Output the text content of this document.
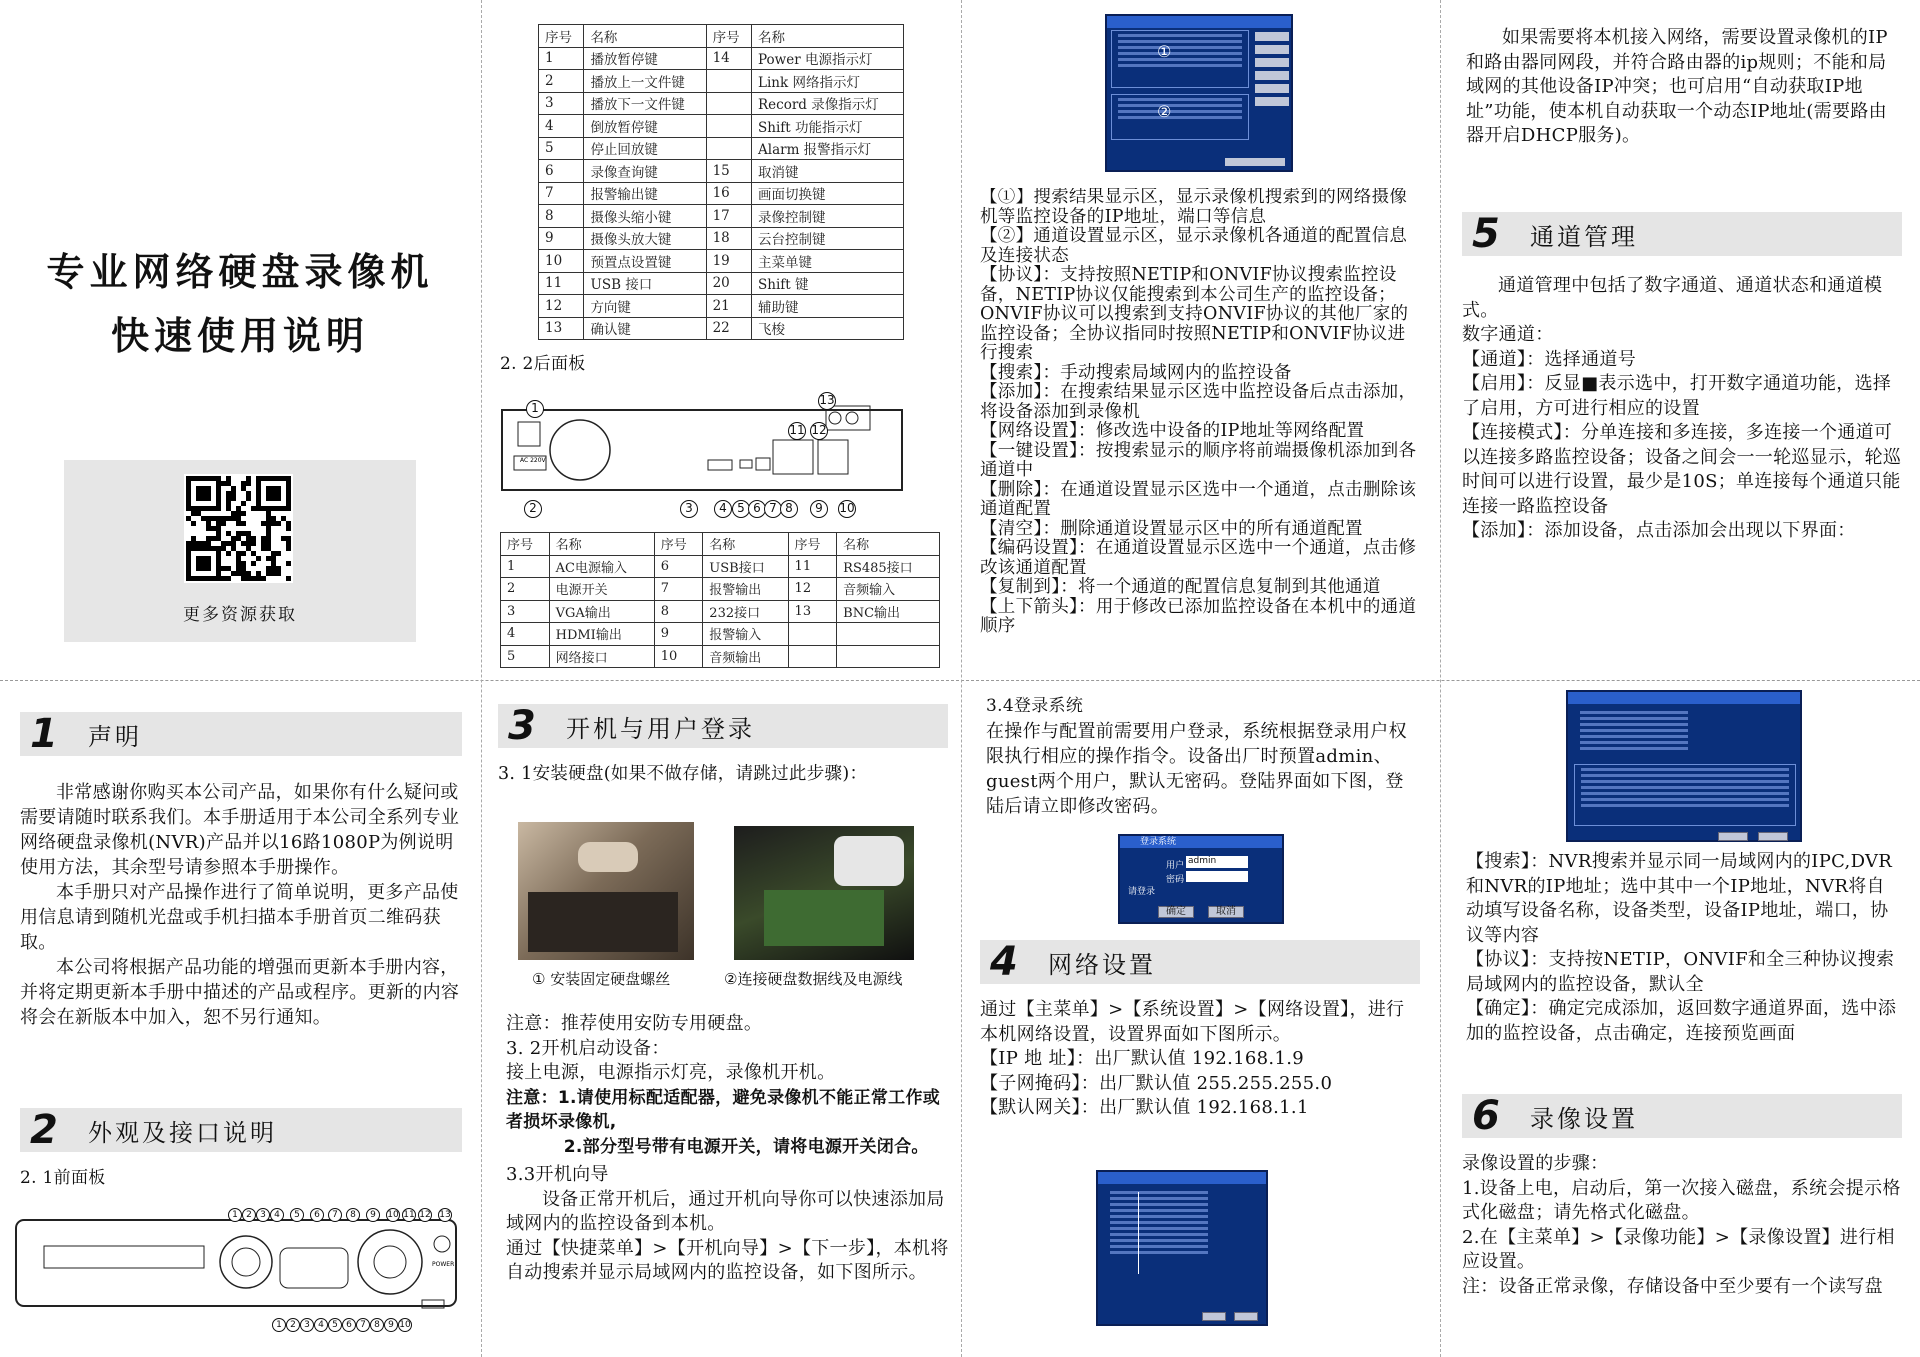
专业网络硬盘录像机
快速使用说明
更多资源获取
序号	名称	序号	名称
1	播放暂停键	14	Power 电源指示灯
2	播放上一文件键		Link 网络指示灯
3	播放下一文件键		Record 录像指示灯
4	倒放暂停键		Shift 功能指示灯
5	停止回放键		Alarm 报警指示灯
6	录像查询键	15	取消键
7	报警输出键	16	画面切换键
8	摄像头缩小键	17	录像控制键
9	摄像头放大键	18	云台控制键
10	预置点设置键	19	主菜单键
11	USB 接口	20	Shift 键
12	方向键	21	辅助键
13	确认键	22	飞梭
2. 2后面板
AC 220V
序号	名称	序号	名称	序号	名称
1	AC电源输入	6	USB接口	11	RS485接口
2	电源开关	7	报警输出	12	音频输入
3	VGA输出	8	232接口	13	BNC输出
4	HDMI输出	9	报警输入		
5	网络接口	10	音频输出		
1
2	3	4 5 6 7 8	9	10
11 12
13
①
②
【①】搜索结果显示区，显示录像机搜索到的网络摄像机等监控设备的IP地址，端口等信息
【②】通道设置显示区，显示录像机各通道的配置信息及连接状态
【协议】：支持按照NETIP和ONVIF协议搜索监控设备，NETIP协议仅能搜索到本公司生产的监控设备；ONVIF协议可以搜索到支持ONVIF协议的其他厂家的监控设备；全协议指同时按照NETIP和ONVIF协议进行搜索
【搜索】：手动搜索局域网内的监控设备
【添加】：在搜索结果显示区选中监控设备后点击添加，将设备添加到录像机
【网络设置】：修改选中设备的IP地址等网络配置
【一键设置】：按搜索显示的顺序将前端摄像机添加到各通道中
【删除】：在通道设置显示区选中一个通道，点击删除该通道配置
【清空】：删除通道设置显示区中的所有通道配置
【编码设置】：在通道设置显示区选中一个通道，点击修改该通道配置
【复制到】：将一个通道的配置信息复制到其他通道
【上下箭头】：用于修改已添加监控设备在本机中的通道顺序
如果需要将本机接入网络，需要设置录像机的IP和路由器同网段，并符合路由器的ip规则；不能和局域网的其他设备IP冲突；也可启用“自动获取IP地址”功能，使本机自动获取一个动态IP地址(需要路由器开启DHCP服务)。
5	通道管理
通道管理中包括了数字通道、通道状态和通道模式。
数字通道：
【通道】：选择通道号
【启用】：反显■表示选中，打开数字通道功能，选择了启用，方可进行相应的设置
【连接模式】：分单连接和多连接，多连接一个通道可以连接多路监控设备；设备之间会一一轮巡显示，轮巡时间可以进行设置，最少是10S；单连接每个通道只能连接一路监控设备
【添加】：添加设备，点击添加会出现以下界面：
1	声明
非常感谢你购买本公司产品，如果你有什么疑问或需要请随时联系我们。本手册适用于本公司全系列专业网络硬盘录像机(NVR)产品并以16路1080P为例说明使用方法，其余型号请参照本手册操作。
本手册只对产品操作进行了简单说明，更多产品使用信息请到随机光盘或手机扫描本手册首页二维码获取。
本公司将根据产品功能的增强而更新本手册内容，并将定期更新本手册中描述的产品或程序。更新的内容将会在新版本中加入，恕不另行通知。
2	外观及接口说明
2. 1前面板
POWER
3	开机与用户登录
3. 1安装硬盘(如果不做存储，请跳过此步骤)：
① 安装固定硬盘螺丝	②连接硬盘数据线及电源线
注意：推荐使用安防专用硬盘。
3. 2开机启动设备：
接上电源，电源指示灯亮，录像机开机。
注意：1.请使用标配适配器，避免录像机不能正常工作或者损坏录像机,
2.部分型号带有电源开关，请将电源开关闭合。
3.3开机向导
设备正常开机后，通过开机向导你可以快速添加局域网内的监控设备到本机。
通过【快捷菜单】>【开机向导】>【下一步】，本机将自动搜索并显示局域网内的监控设备，如下图所示。
3.4登录系统
在操作与配置前需要用户登录，系统根据登录用户权限执行相应的操作指令。设备出厂时预置admin、guest两个用户，默认无密码。登陆界面如下图，登陆后请立即修改密码。
登录系统
用户 admin
密码
请登录
确定	取消
4	网络设置
通过【主菜单】>【系统设置】>【网络设置】，进行本机网络设置，设置界面如下图所示。
【IP 地 址】：出厂默认值 192.168.1.9
【子网掩码】：出厂默认值 255.255.255.0
【默认网关】：出厂默认值 192.168.1.1
【搜索】：NVR搜索并显示同一局域网内的IPC,DVR和NVR的IP地址；选中其中一个IP地址，NVR将自动填写设备名称，设备类型，设备IP地址，端口，协议等内容
【协议】：支持按NETIP，ONVIF和全三种协议搜索局域网内的监控设备，默认全
【确定】：确定完成添加，返回数字通道界面，选中添加的监控设备，点击确定，连接预览画面
6	录像设置
录像设置的步骤：
1.设备上电，启动后，第一次接入磁盘，系统会提示格式化磁盘；请先格式化磁盘。
2.在【主菜单】>【录像功能】>【录像设置】进行相应设置。
注：设备正常录像，存储设备中至少要有一个读写盘
1 2 3 4	5	6	7	8	9	10 11 12 13
1 2 3 4 5 6 7 8 9 10
